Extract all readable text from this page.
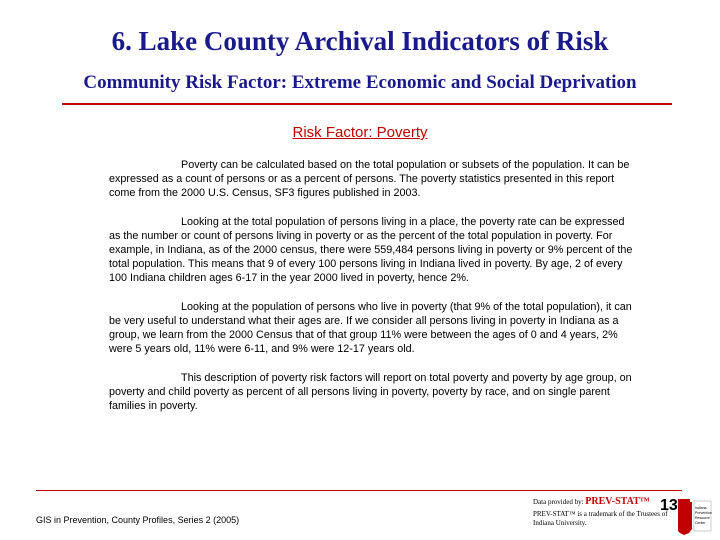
6. Lake County Archival Indicators of Risk
Community Risk Factor: Extreme Economic and Social Deprivation
Risk Factor: Poverty

Poverty can be calculated based on the total population or subsets of the population. It can be expressed as a count of persons or as a percent of persons. The poverty statistics presented in this report come from the 2000 U.S. Census, SF3 figures published in 2003.

Looking at the total population of persons living in a place, the poverty rate can be expressed as the number or count of persons living in poverty or as the percent of the total population in poverty. For example, in Indiana, as of the 2000 census, there were 559,484 persons living in poverty or 9% percent of the total population. This means that 9 of every 100 persons living in Indiana lived in poverty. By age, 2 of every 100 Indiana children ages 6-17 in the year 2000 lived in poverty, hence 2%.

Looking at the population of persons who live in poverty (that 9% of the total population), it can be very useful to understand what their ages are. If we consider all persons living in poverty in Indiana as a group, we learn from the 2000 Census that of that group 11% were between the ages of 0 and 4 years, 2% were 5 years old, 11% were 6-11, and 9% were 12-17 years old.

This description of poverty risk factors will report on total poverty and poverty by age group, on poverty and child poverty as percent of all persons living in poverty, poverty by race, and on single parent families in poverty.

GIS in Prevention, County Profiles, Series 2 (2005)
Data provided by: PREV-STAT™
PREV-STAT™ is a trademark of the Trustees of Indiana University.
13	Indiana
Prevention
Resource
Center
